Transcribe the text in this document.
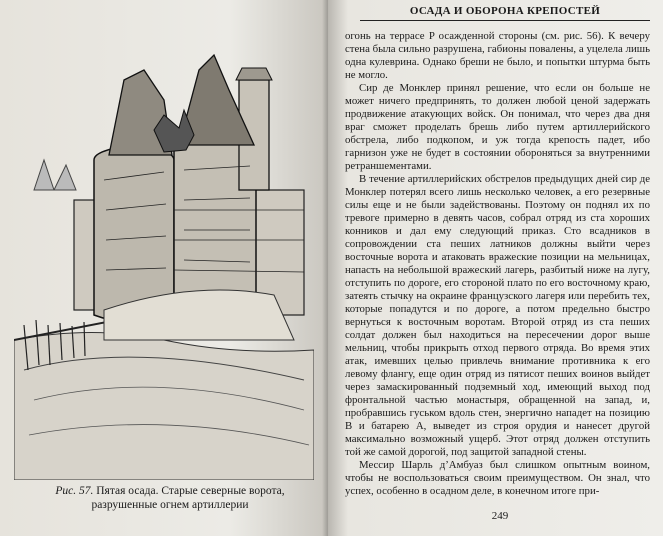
Рис. 57. Пятая осада. Старые северные ворота, разрушенные огнем артиллерии
ОСАДА И ОБОРОНА КРЕПОСТЕЙ

огонь на террасе P осажденной стороны (см. рис. 56). К вечеру стена была сильно разрушена, габионы повалены, а уцелела лишь одна кулеврина. Однако бреши не было, и попытки штурма быть не могло.

Сир де Монклер принял решение, что если он больше не может ничего предпринять, то должен любой ценой задержать продвижение атакующих войск. Он понимал, что через два дня враг сможет проделать брешь либо путем артиллерийского обстрела, либо подкопом, и уж тогда крепость падет, ибо гарнизон уже не будет в состоянии обороняться за внутренними ретраншементами.

В течение артиллерийских обстрелов предыдущих дней сир де Монклер потерял всего лишь несколько человек, а его резервные силы еще и не были задействованы. Поэтому он поднял их по тревоге примерно в девять часов, собрал отряд из ста хороших конников и дал ему следующий приказ. Сто всадников в сопровождении ста пеших латников должны выйти через восточные ворота и атаковать вражеские позиции на мельницах, напасть на небольшой вражеский лагерь, разбитый ниже на лугу, отступить по дороге, его стороной плато по его восточному краю, затеять стычку на окраине французского лагеря или перебить тех, которые попадутся и по дороге, а потом предельно быстро вернуться к восточным воротам. Второй отряд из ста пеших солдат должен был находиться на пересечении дорог выше мельниц, чтобы прикрыть отход первого отряда. Во время этих атак, имевших целью привлечь внимание противника к его левому флангу, еще один отряд из пятисот пеших воинов выйдет через замаскированный подземный ход, имеющий выход под фронтальной частью монастыря, обращенной на запад, и, пробравшись гуськом вдоль стен, энергично нападет на позицию B и батарею A, выведет из строя орудия и нанесет другой максимально возможный ущерб. Этот отряд должен отступить той же самой дорогой, под защитой западной стены.

Мессир Шарль д’Амбуаз был слишком опытным воином, чтобы не воспользоваться своим преимуществом. Он знал, что успех, особенно в осадном деле, в конечном итоге при-

249
